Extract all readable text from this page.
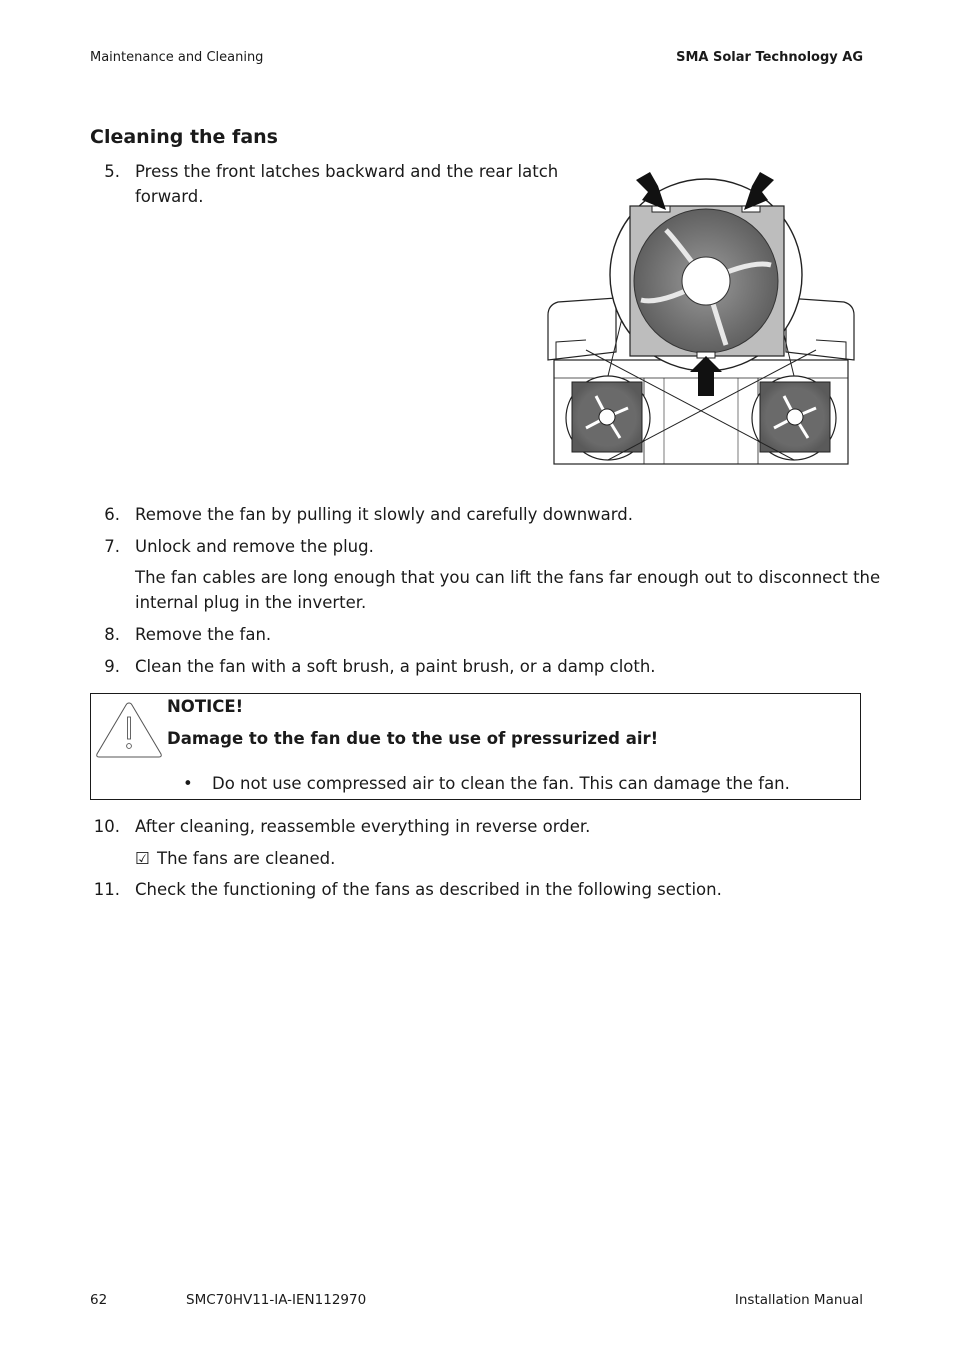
Maintenance and Cleaning	SMA Solar Technology AG
Cleaning the fans
5. Press the front latches backward and the rear latch
forward.
6. Remove the fan by pulling it slowly and carefully downward.
7. Unlock and remove the plug.
The fan cables are long enough that you can lift the fans far enough out to disconnect the
internal plug in the inverter.
8. Remove the fan.
9. Clean the fan with a soft brush, a paint brush, or a damp cloth.
NOTICE!
Damage to the fan due to the use of pressurized air!
• Do not use compressed air to clean the fan. This can damage the fan.
10. After cleaning, reassemble everything in reverse order.
☑ The fans are cleaned.
11. Check the functioning of the fans as described in the following section.
62	SMC70HV11-IA-IEN112970	Installation Manual
